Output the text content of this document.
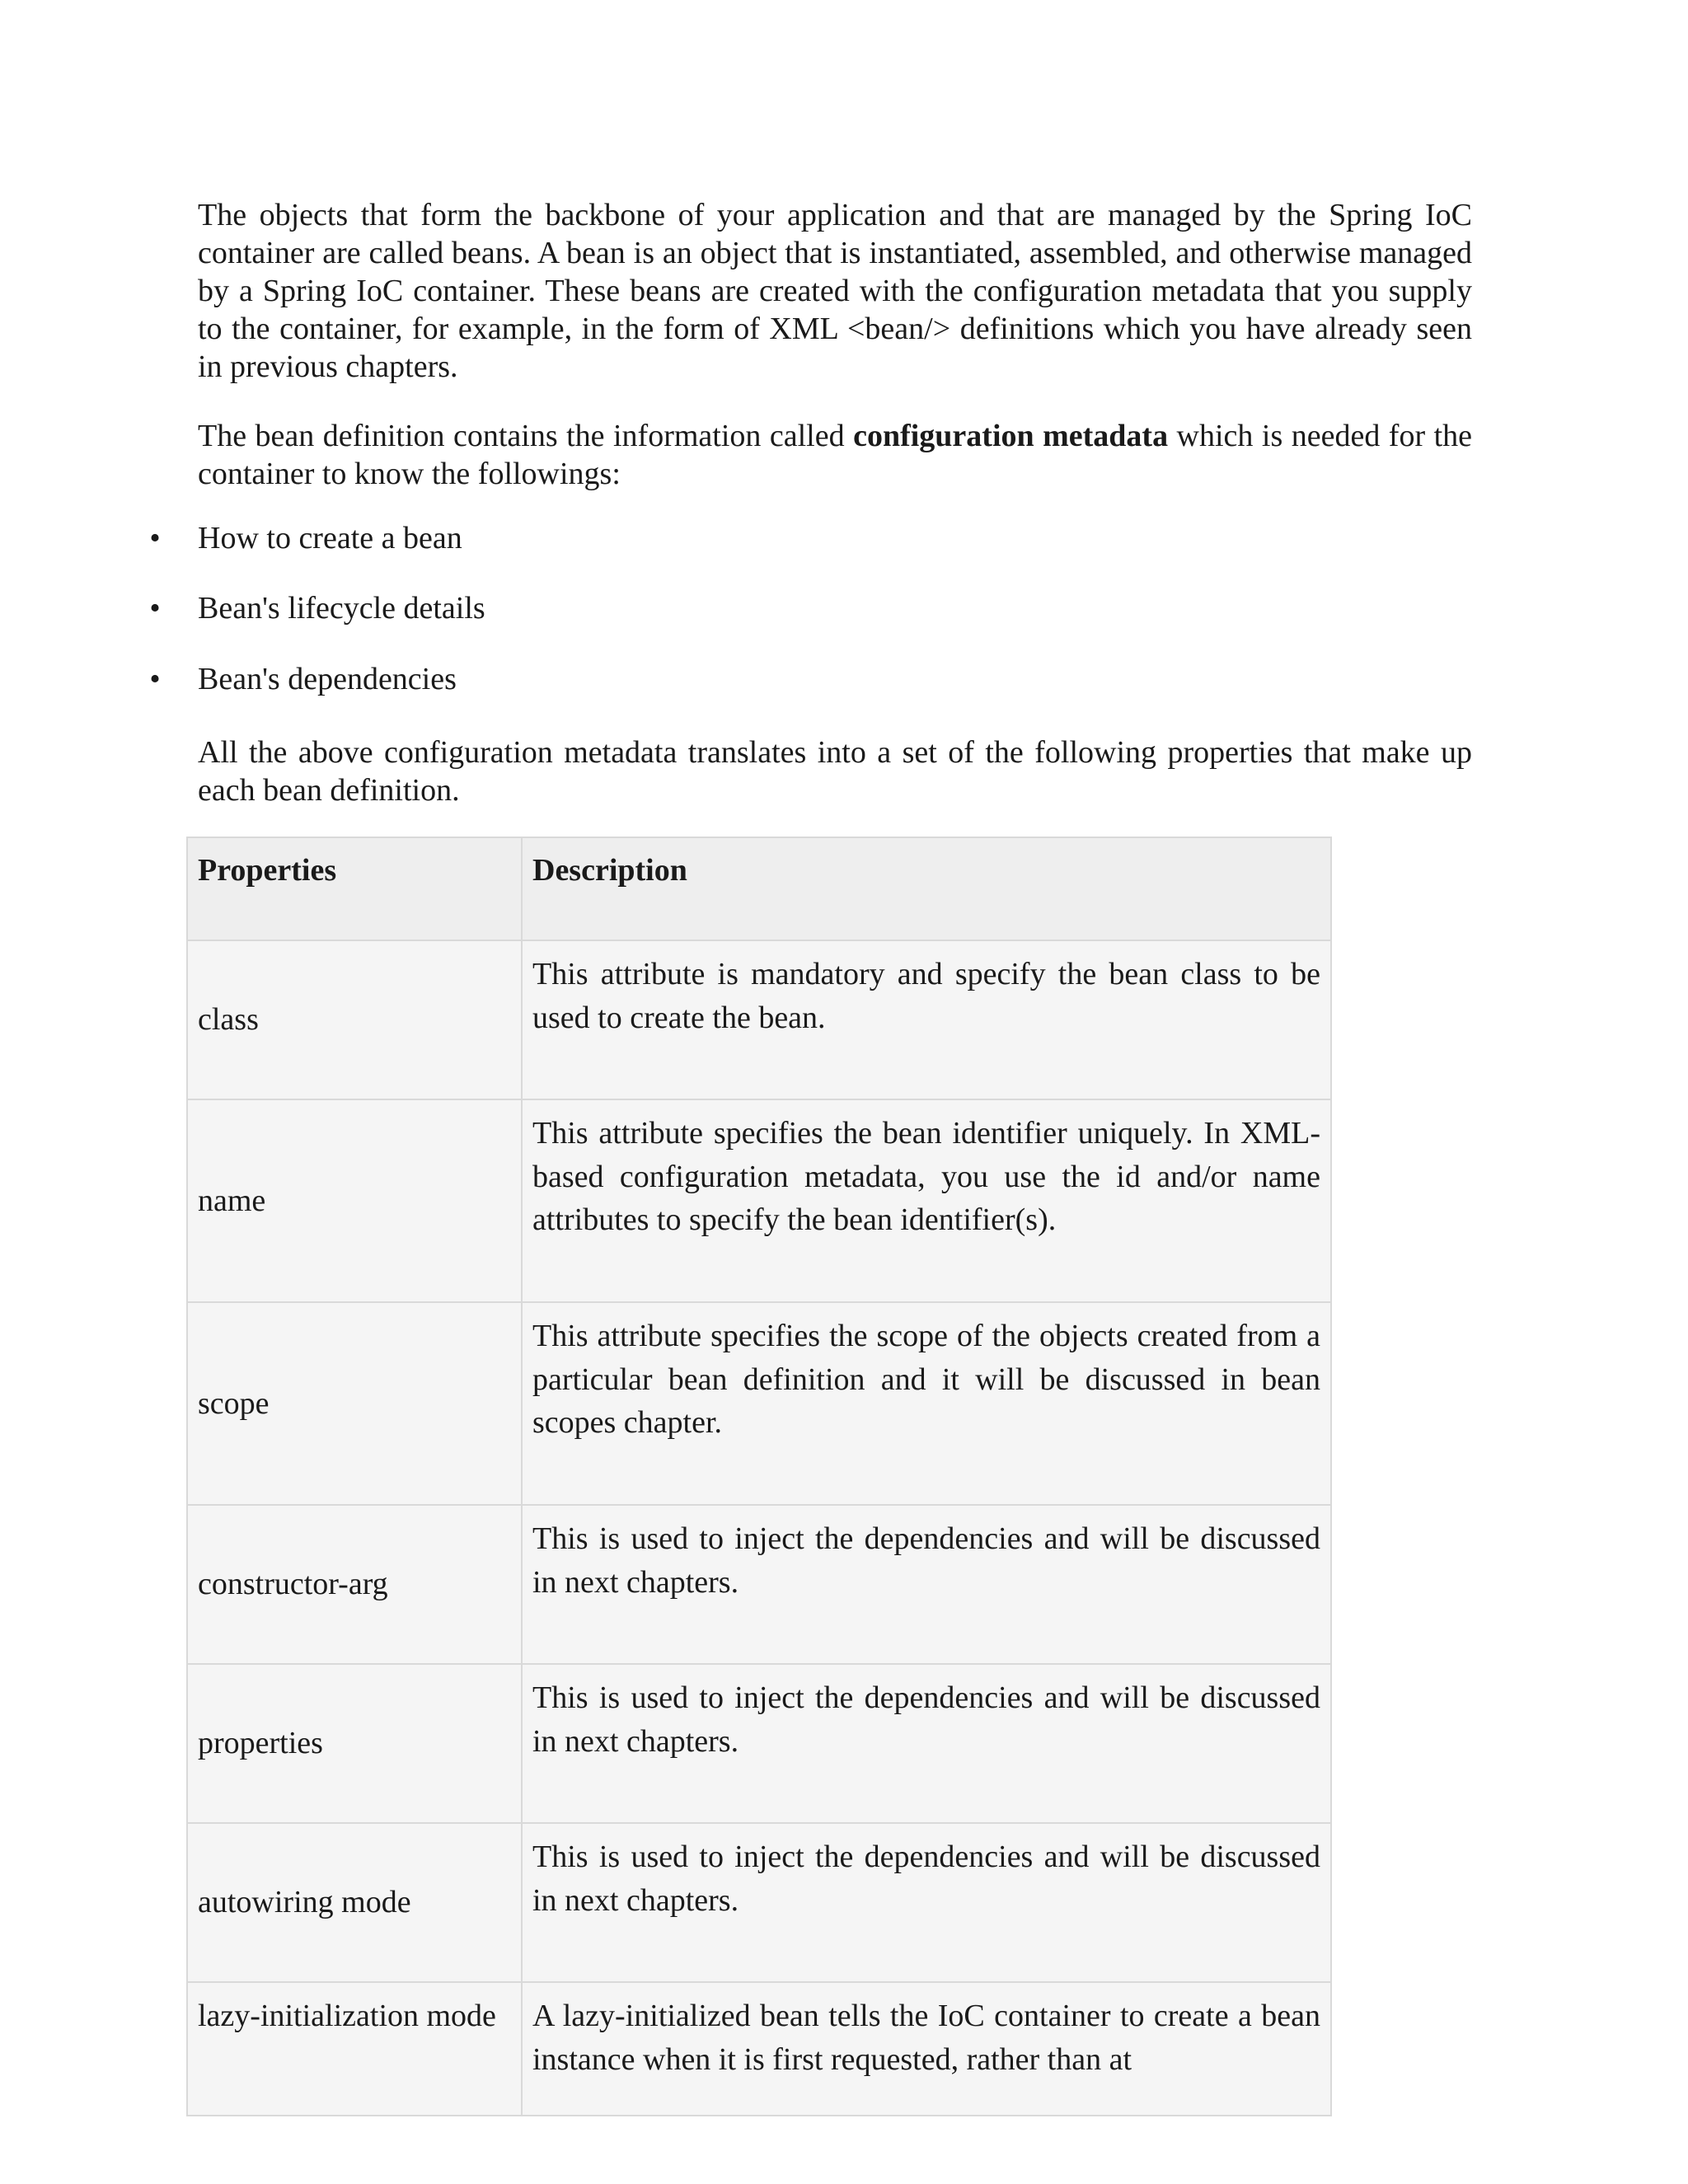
The objects that form the backbone of your application and that are managed by the Spring IoC container are called beans. A bean is an object that is instantiated, assembled, and otherwise managed by a Spring IoC container. These beans are created with the configuration metadata that you supply to the container, for example, in the form of XML <bean/> definitions which you have already seen in previous chapters.

The bean definition contains the information called configuration metadata which is needed for the container to know the followings:

• How to create a bean
• Bean's lifecycle details
• Bean's dependencies

All the above configuration metadata translates into a set of the following properties that make up each bean definition.

Properties	Description
class	This attribute is mandatory and specify the bean class to be used to create the bean.
name	This attribute specifies the bean identifier uniquely. In XML-based configuration metadata, you use the id and/or name attributes to specify the bean identifier(s).
scope	This attribute specifies the scope of the objects created from a particular bean definition and it will be discussed in bean scopes chapter.
constructor-arg	This is used to inject the dependencies and will be discussed in next chapters.
properties	This is used to inject the dependencies and will be discussed in next chapters.
autowiring mode	This is used to inject the dependencies and will be discussed in next chapters.
lazy-initialization mode	A lazy-initialized bean tells the IoC container to create a bean instance when it is first requested, rather than at
